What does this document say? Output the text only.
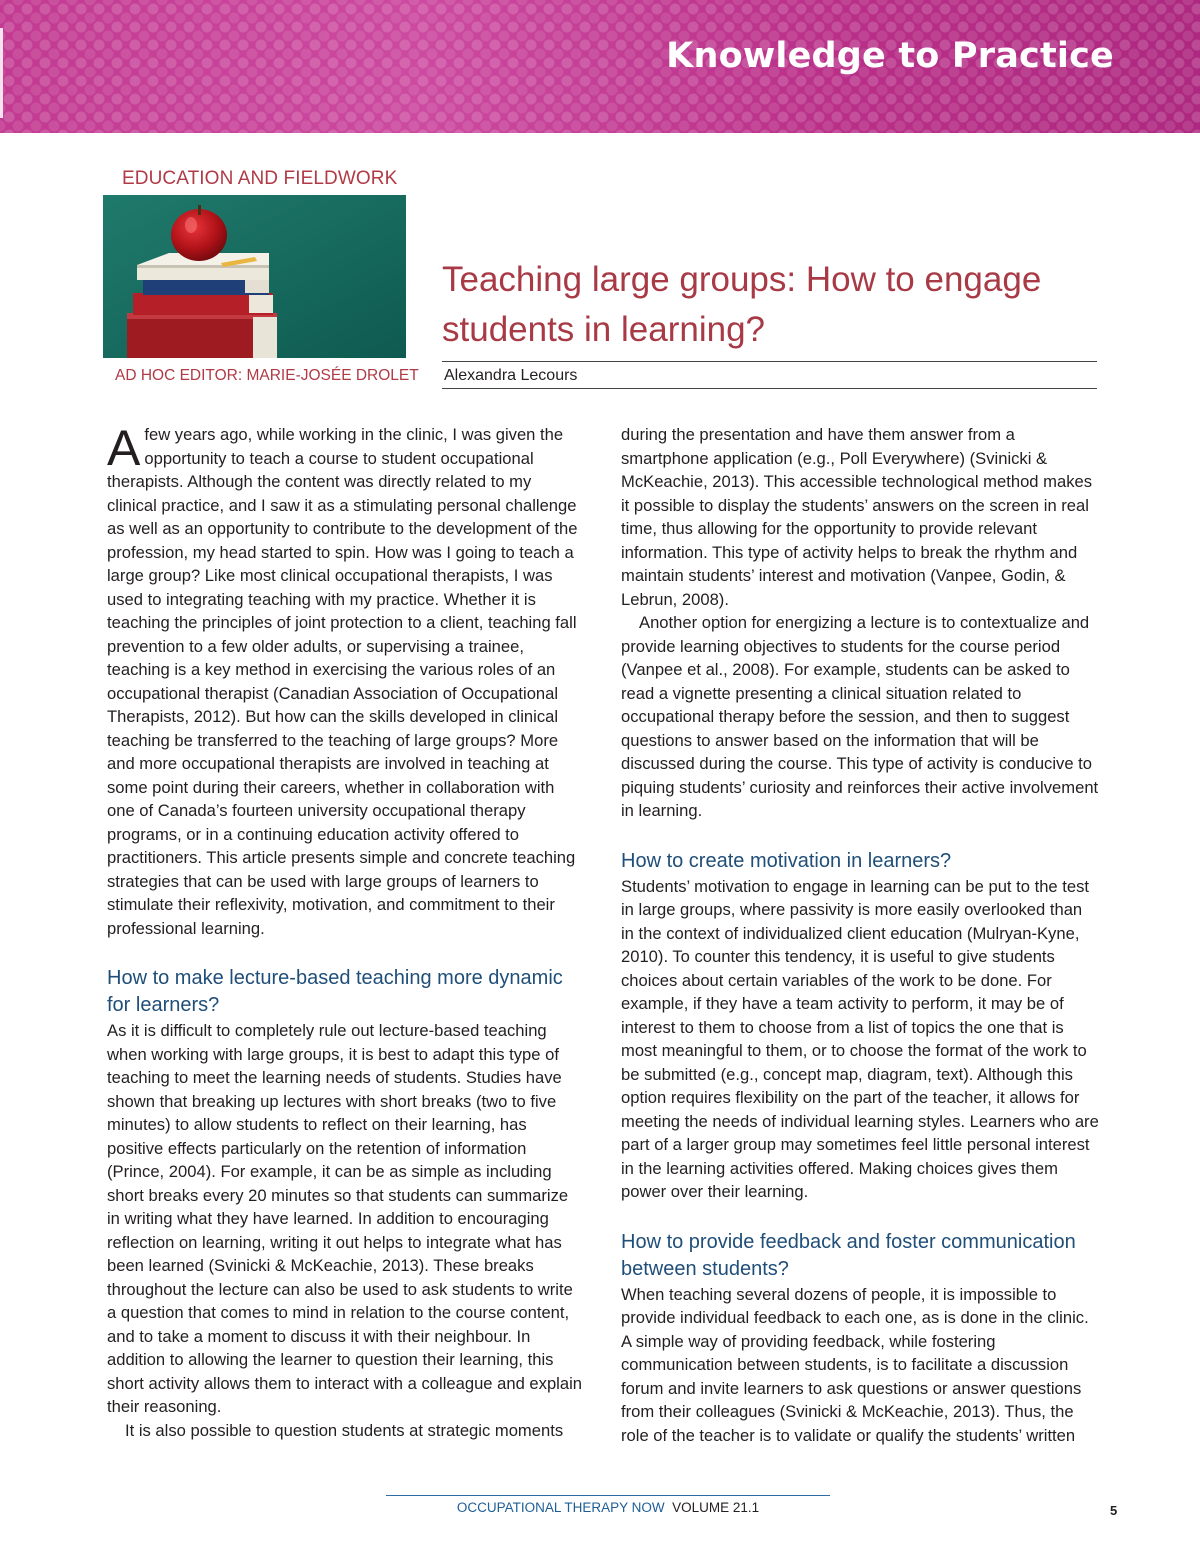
Knowledge to Practice

EDUCATION AND FIELDWORK

AD HOC EDITOR: MARIE-JOSÉE DROLET

Teaching large groups: How to engage students in learning?

Alexandra Lecours

Afew years ago, while working in the clinic, I was given the opportunity to teach a course to student occupational therapists. Although the content was directly related to my clinical practice, and I saw it as a stimulating personal challenge as well as an opportunity to contribute to the development of the profession, my head started to spin. How was I going to teach a large group? Like most clinical occupational therapists, I was used to integrating teaching with my practice. Whether it is teaching the principles of joint protection to a client, teaching fall prevention to a few older adults, or supervising a trainee, teaching is a key method in exercising the various roles of an occupational therapist (Canadian Association of Occupational Therapists, 2012). But how can the skills developed in clinical teaching be transferred to the teaching of large groups? More and more occupational therapists are involved in teaching at some point during their careers, whether in collaboration with one of Canada’s fourteen university occupational therapy programs, or in a continuing education activity offered to practitioners. This article presents simple and concrete teaching strategies that can be used with large groups of learners to stimulate their reflexivity, motivation, and commitment to their professional learning.

How to make lecture-based teaching more dynamic for learners?

As it is difficult to completely rule out lecture-based teaching when working with large groups, it is best to adapt this type of teaching to meet the learning needs of students. Studies have shown that breaking up lectures with short breaks (two to five minutes) to allow students to reflect on their learning, has positive effects particularly on the retention of information (Prince, 2004). For example, it can be as simple as including short breaks every 20 minutes so that students can summarize in writing what they have learned. In addition to encouraging reflection on learning, writing it out helps to integrate what has been learned (Svinicki & McKeachie, 2013). These breaks throughout the lecture can also be used to ask students to write a question that comes to mind in relation to the course content, and to take a moment to discuss it with their neighbour. In addition to allowing the learner to question their learning, this short activity allows them to interact with a colleague and explain their reasoning.

It is also possible to question students at strategic moments

during the presentation and have them answer from a smartphone application (e.g., Poll Everywhere) (Svinicki & McKeachie, 2013). This accessible technological method makes it possible to display the students’ answers on the screen in real time, thus allowing for the opportunity to provide relevant information. This type of activity helps to break the rhythm and maintain students’ interest and motivation (Vanpee, Godin, & Lebrun, 2008).

Another option for energizing a lecture is to contextualize and provide learning objectives to students for the course period (Vanpee et al., 2008). For example, students can be asked to read a vignette presenting a clinical situation related to occupational therapy before the session, and then to suggest questions to answer based on the information that will be discussed during the course. This type of activity is conducive to piquing students’ curiosity and reinforces their active involvement in learning.

How to create motivation in learners?

Students’ motivation to engage in learning can be put to the test in large groups, where passivity is more easily overlooked than in the context of individualized client education (Mulryan-Kyne, 2010). To counter this tendency, it is useful to give students choices about certain variables of the work to be done. For example, if they have a team activity to perform, it may be of interest to them to choose from a list of topics the one that is most meaningful to them, or to choose the format of the work to be submitted (e.g., concept map, diagram, text). Although this option requires flexibility on the part of the teacher, it allows for meeting the needs of individual learning styles. Learners who are part of a larger group may sometimes feel little personal interest in the learning activities offered. Making choices gives them power over their learning.

How to provide feedback and foster communication between students?

When teaching several dozens of people, it is impossible to provide individual feedback to each one, as is done in the clinic. A simple way of providing feedback, while fostering communication between students, is to facilitate a discussion forum and invite learners to ask questions or answer questions from their colleagues (Svinicki & McKeachie, 2013). Thus, the role of the teacher is to validate or qualify the students’ written

OCCUPATIONAL THERAPY NOW VOLUME 21.1	5
